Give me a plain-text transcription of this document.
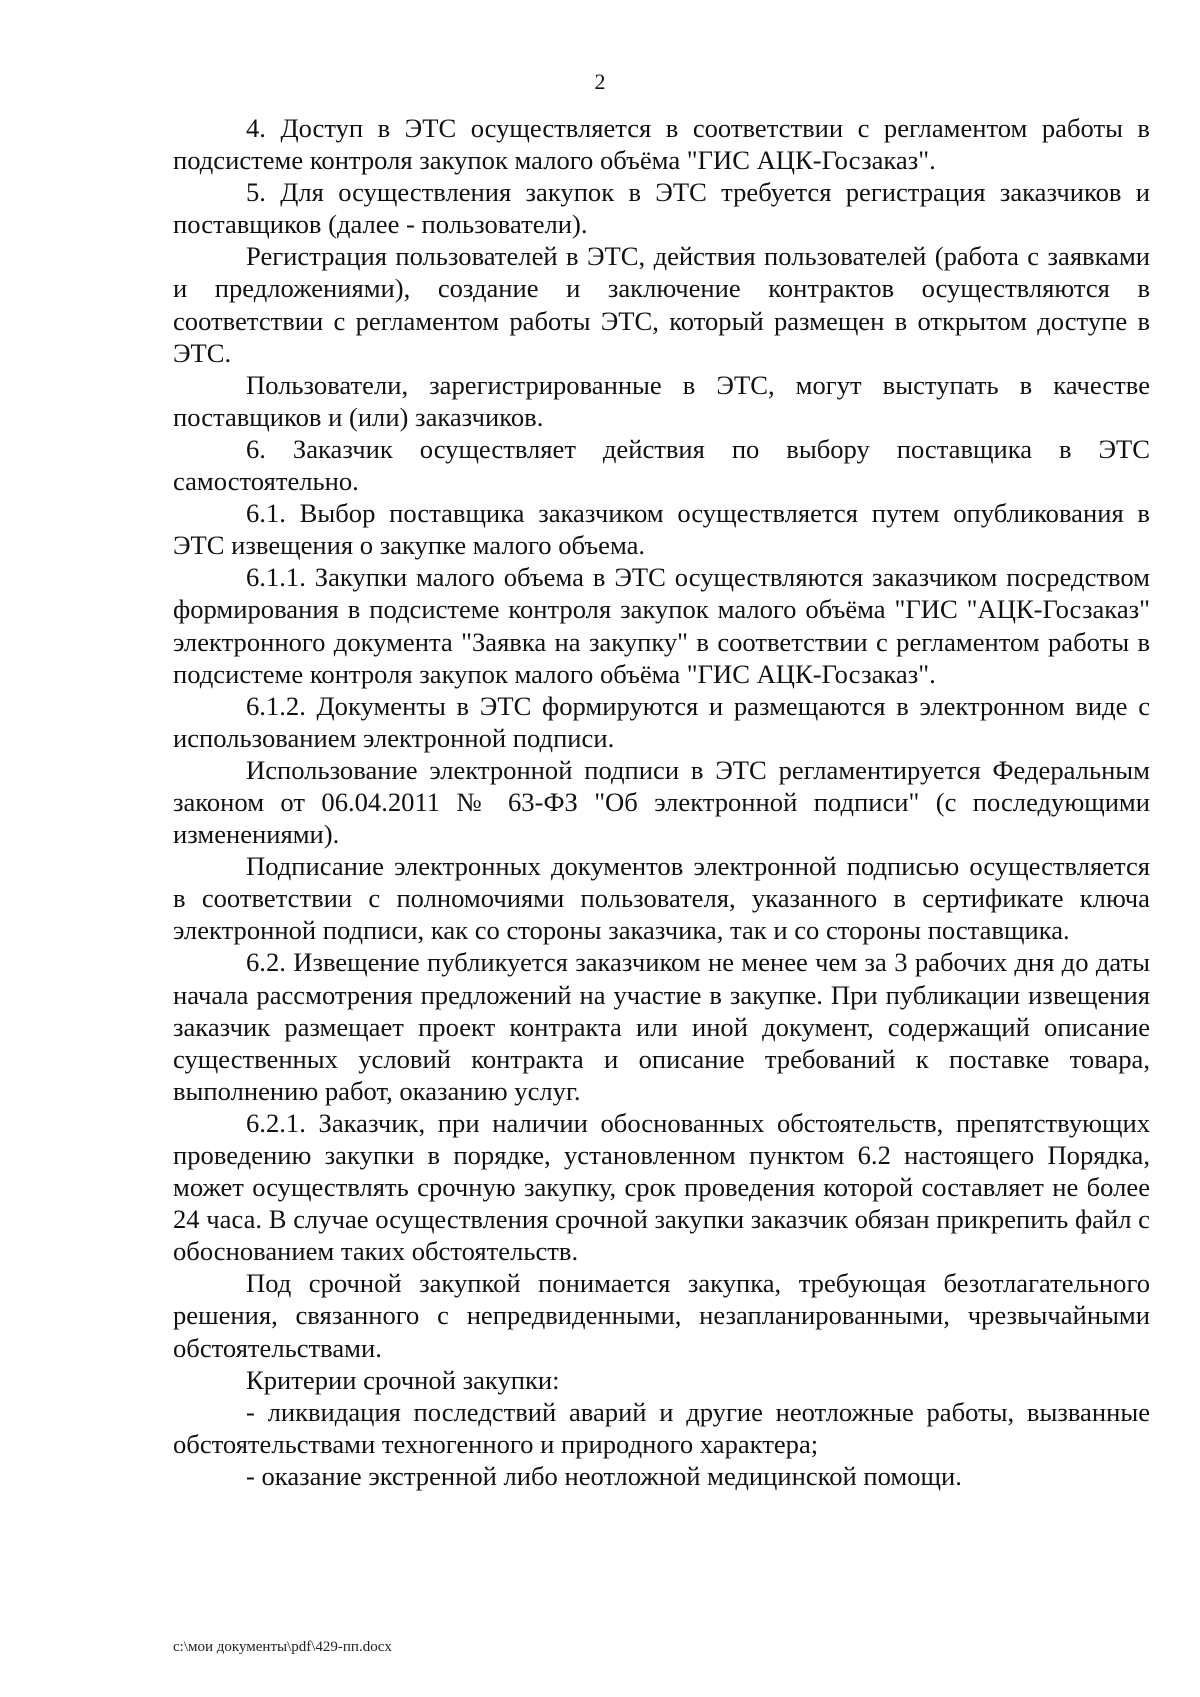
2

4. Доступ в ЭТС осуществляется в соответствии с регламентом работы в подсистеме контроля закупок малого объёма "ГИС АЦК-Госзаказ".

5. Для осуществления закупок в ЭТС требуется регистрация заказчиков и поставщиков (далее - пользователи).

Регистрация пользователей в ЭТС, действия пользователей (работа с заявками и предложениями), создание и заключение контрактов осуществляются в соответствии с регламентом работы ЭТС, который размещен в открытом доступе в ЭТС.

Пользователи, зарегистрированные в ЭТС, могут выступать в качестве поставщиков и (или) заказчиков.

6. Заказчик осуществляет действия по выбору поставщика в ЭТС самостоятельно.

6.1. Выбор поставщика заказчиком осуществляется путем опубликования в ЭТС извещения о закупке малого объема.

6.1.1. Закупки малого объема в ЭТС осуществляются заказчиком посредством формирования в подсистеме контроля закупок малого объёма "ГИС "АЦК-Госзаказ" электронного документа "Заявка на закупку" в соответствии с регламентом работы в подсистеме контроля закупок малого объёма "ГИС АЦК-Госзаказ".

6.1.2. Документы в ЭТС формируются и размещаются в электронном виде с использованием электронной подписи.

Использование электронной подписи в ЭТС регламентируется Федеральным законом от 06.04.2011 № 63-ФЗ "Об электронной подписи" (с последующими изменениями).

Подписание электронных документов электронной подписью осуществляется в соответствии с полномочиями пользователя, указанного в сертификате ключа электронной подписи, как со стороны заказчика, так и со стороны поставщика.

6.2. Извещение публикуется заказчиком не менее чем за 3 рабочих дня до даты начала рассмотрения предложений на участие в закупке. При публикации извещения заказчик размещает проект контракта или иной документ, содержащий описание существенных условий контракта и описание требований к поставке товара, выполнению работ, оказанию услуг.

6.2.1. Заказчик, при наличии обоснованных обстоятельств, препятствующих проведению закупки в порядке, установленном пунктом 6.2 настоящего Порядка, может осуществлять срочную закупку, срок проведения которой составляет не более 24 часа. В случае осуществления срочной закупки заказчик обязан прикрепить файл с обоснованием таких обстоятельств.

Под срочной закупкой понимается закупка, требующая безотлагательного решения, связанного с непредвиденными, незапланированными, чрезвычайными обстоятельствами.

Критерии срочной закупки:

- ликвидация последствий аварий и другие неотложные работы, вызванные обстоятельствами техногенного и природного характера;

- оказание экстренной либо неотложной медицинской помощи.

c:\мои документы\pdf\429-пп.docx
